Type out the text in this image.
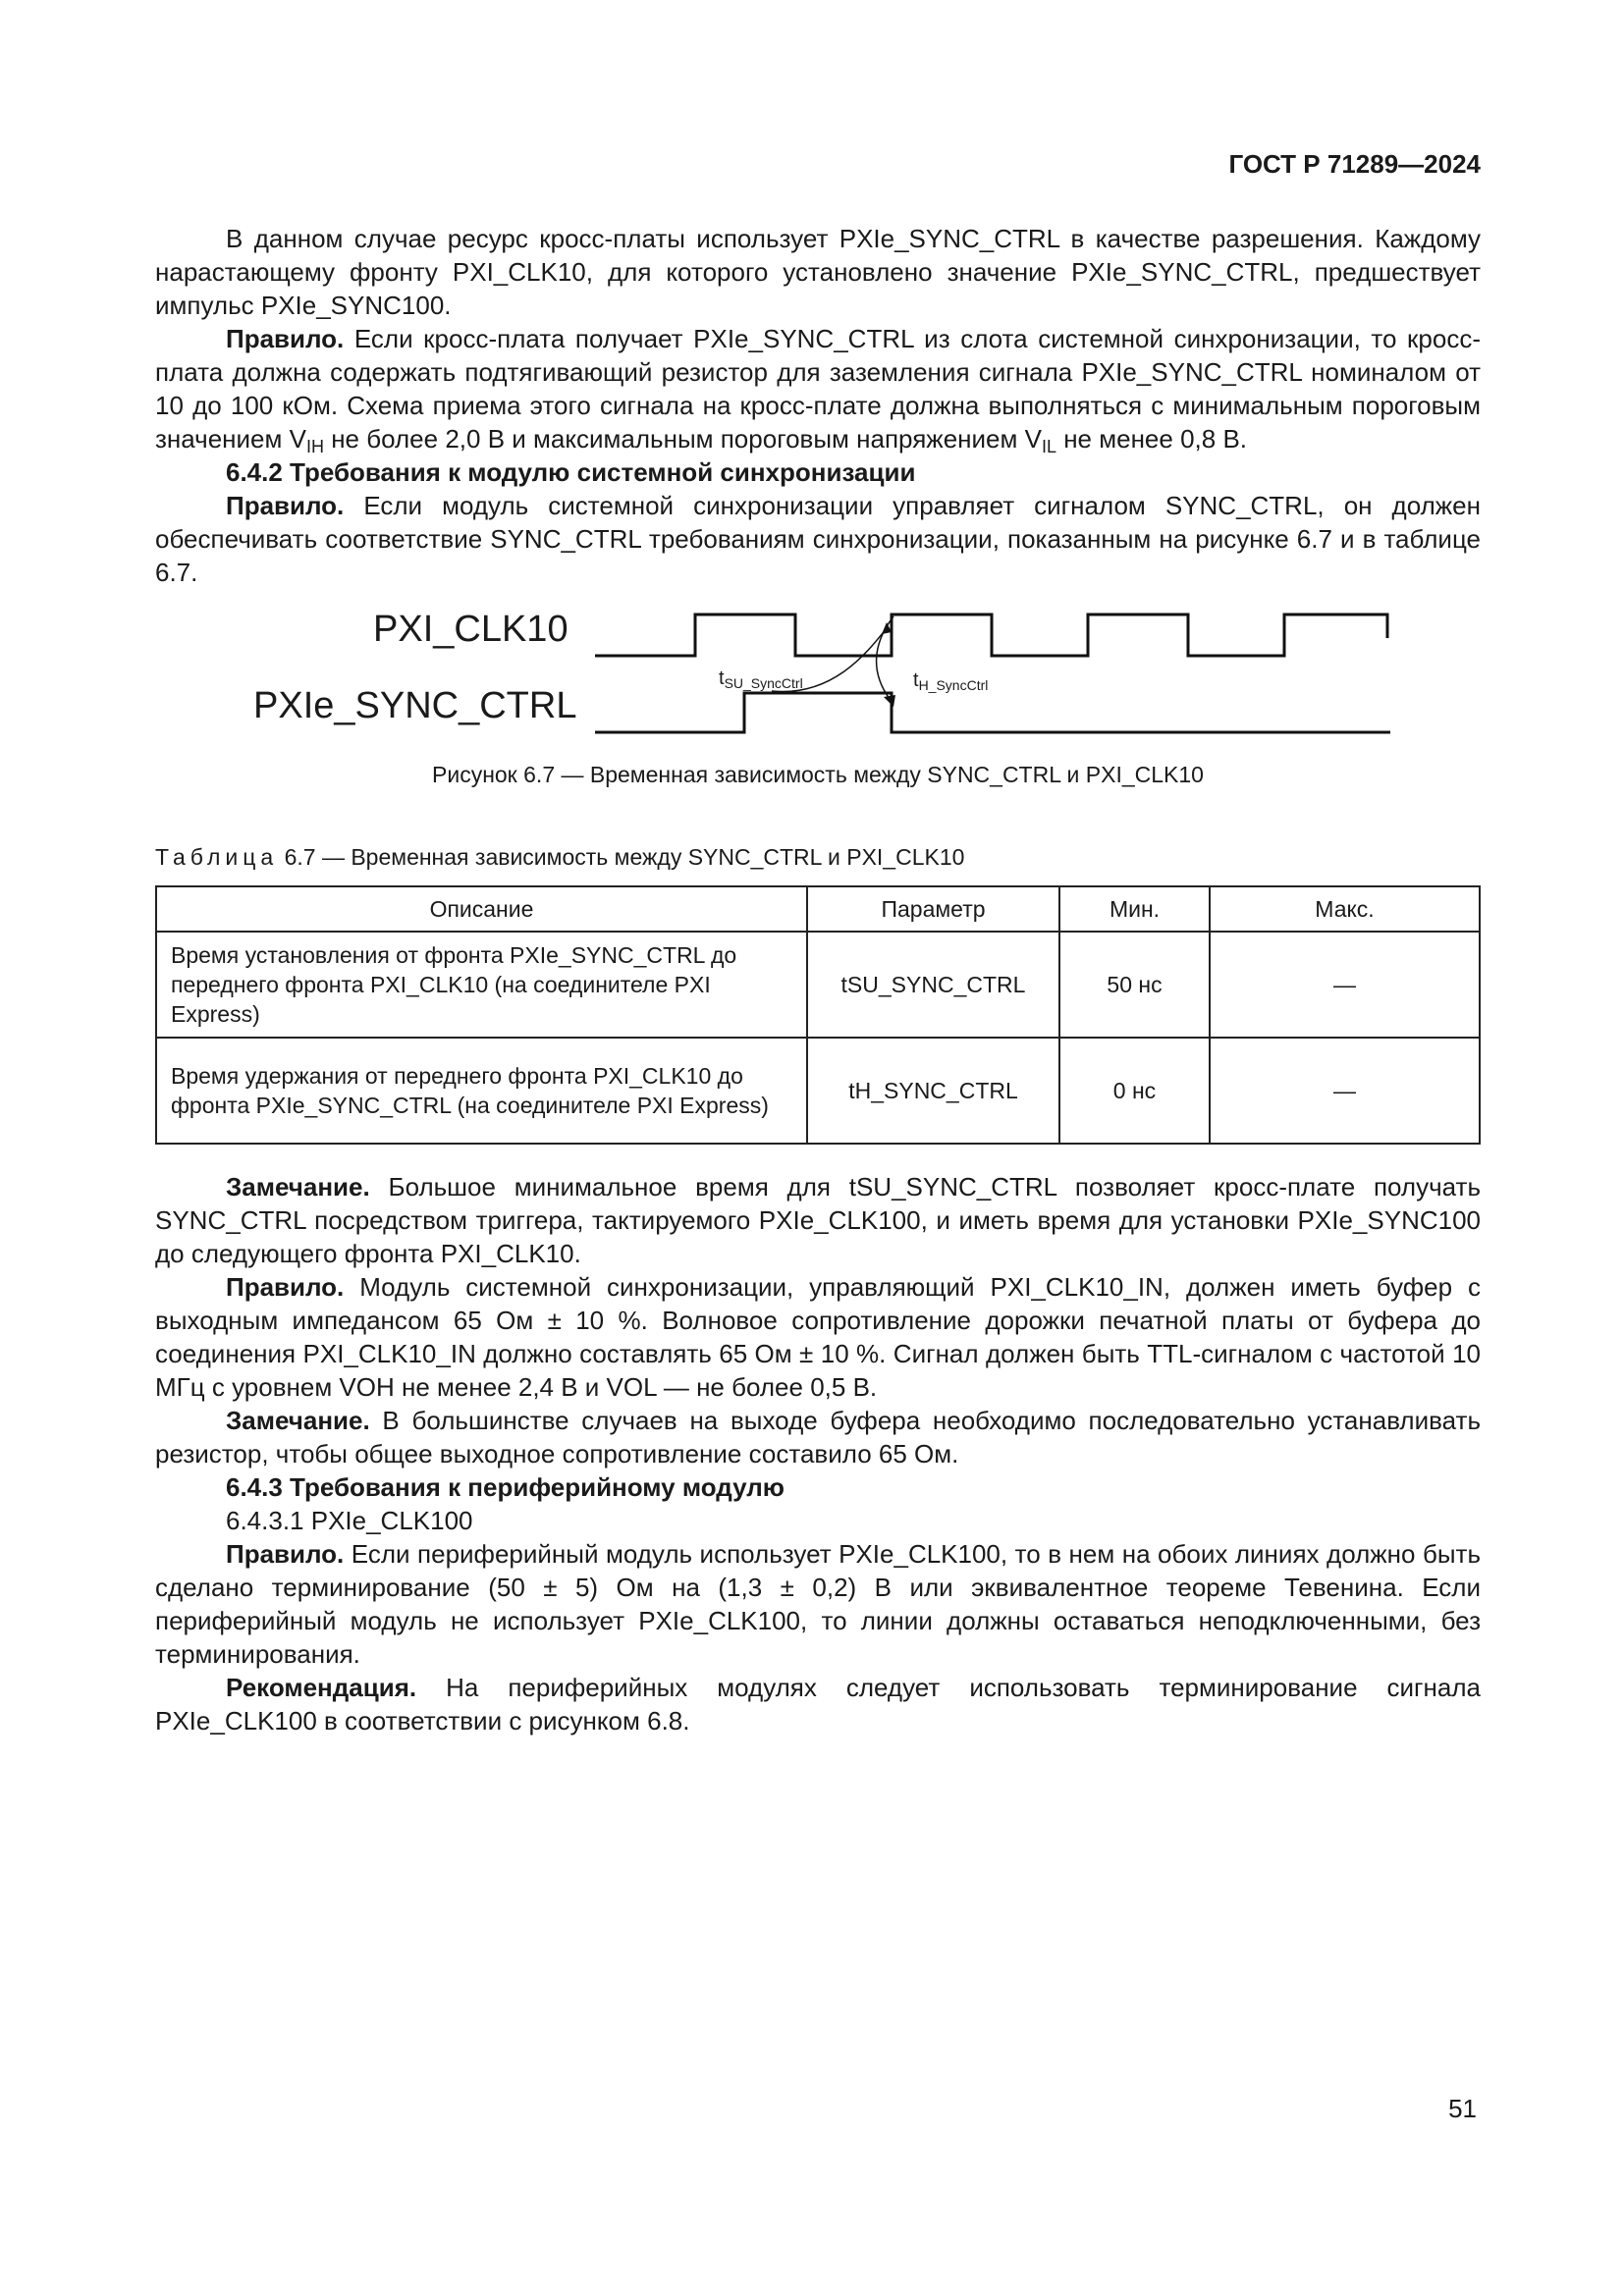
ГОСТ Р 71289—2024

В данном случае ресурс кросс-платы использует PXIe_SYNC_CTRL в качестве разрешения. Каждому нарастающему фронту PXI_CLK10, для которого установлено значение PXIe_SYNC_CTRL, предшествует импульс PXIe_SYNC100.

Правило. Если кросс-плата получает PXIe_SYNC_CTRL из слота системной синхронизации, то кросс-плата должна содержать подтягивающий резистор для заземления сигнала PXIe_SYNC_CTRL номиналом от 10 до 100 кОм. Схема приема этого сигнала на кросс-плате должна выполняться с минимальным пороговым значением $V_{IH}$ не более 2,0 В и максимальным пороговым напряжением $V_{IL}$ не менее 0,8 В.

6.4.2 Требования к модулю системной синхронизации

Правило. Если модуль системной синхронизации управляет сигналом SYNC_CTRL, он должен обеспечивать соответствие SYNC_CTRL требованиям синхронизации, показанным на рисунке 6.7 и в таблице 6.7.

PXI_CLK10
PXIe_SYNC_CTRL
$t_{SU\_SyncCtrl}$	$t_{H\_SyncCtrl}$
Рисунок 6.7 — Временная зависимость между SYNC_CTRL и PXI_CLK10
Таблица 6.7 — Временная зависимость между SYNC_CTRL и PXI_CLK10
Описание	Параметр	Мин.	Макс.
Время установления от фронта PXIe_SYNC_CTRL до переднего фронта PXI_CLK10 (на соединителе PXI Express)	tSU_SYNC_CTRL	50 нс	—
Время удержания от переднего фронта PXI_CLK10 до фронта PXIe_SYNC_CTRL (на соединителе PXI Express)	tH_SYNC_CTRL	0 нс	—

Замечание. Большое минимальное время для tSU_SYNC_CTRL позволяет кросс-плате получать SYNC_CTRL посредством триггера, тактируемого PXIe_CLK100, и иметь время для установки PXIe_SYNC100 до следующего фронта PXI_CLK10.

Правило. Модуль системной синхронизации, управляющий PXI_CLK10_IN, должен иметь буфер с выходным импедансом 65 Ом ± 10 %. Волновое сопротивление дорожки печатной платы от буфера до соединения PXI_CLK10_IN должно составлять 65 Ом ± 10 %. Сигнал должен быть TTL-сигналом с частотой 10 МГц с уровнем VOH не менее 2,4 В и VOL — не более 0,5 В.

Замечание. В большинстве случаев на выходе буфера необходимо последовательно устанавливать резистор, чтобы общее выходное сопротивление составило 65 Ом.

6.4.3 Требования к периферийному модулю

6.4.3.1 PXIe_CLK100

Правило. Если периферийный модуль использует PXIe_CLK100, то в нем на обоих линиях должно быть сделано терминирование (50 ± 5) Ом на (1,3 ± 0,2) В или эквивалентное теореме Тевенина. Если периферийный модуль не использует PXIe_CLK100, то линии должны оставаться неподключенными, без терминирования.

Рекомендация. На периферийных модулях следует использовать терминирование сигнала PXIe_CLK100 в соответствии с рисунком 6.8.

51
